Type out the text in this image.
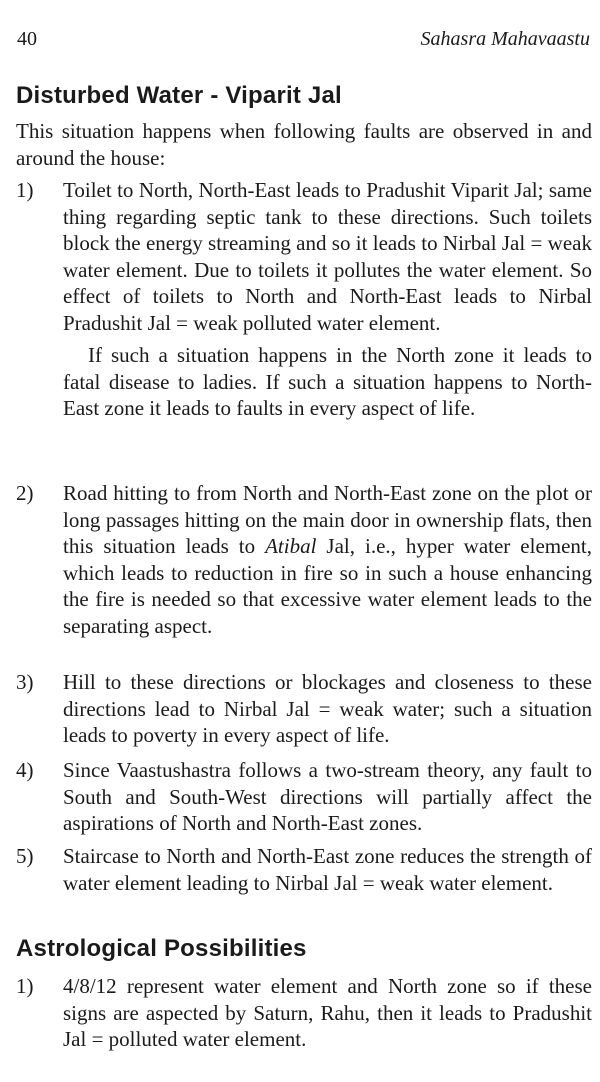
40	Sahasra Mahavaastu
Disturbed Water - Viparit Jal

This situation happens when following faults are observed in and around the house:

1) Toilet to North, North-East leads to Pradushit Viparit Jal; same thing regarding septic tank to these directions. Such toilets block the energy streaming and so it leads to Nirbal Jal = weak water element. Due to toilets it pollutes the water element. So effect of toilets to North and North-East leads to Nirbal Pradushit Jal = weak polluted water element.
If such a situation happens in the North zone it leads to fatal disease to ladies. If such a situation happens to North-East zone it leads to faults in every aspect of life.
2) Road hitting to from North and North-East zone on the plot or long passages hitting on the main door in ownership flats, then this situation leads to Atibal Jal, i.e., hyper water element, which leads to reduction in fire so in such a house enhancing the fire is needed so that excessive water element leads to the separating aspect.
3) Hill to these directions or blockages and closeness to these directions lead to Nirbal Jal = weak water; such a situation leads to poverty in every aspect of life.
4) Since Vaastushastra follows a two-stream theory, any fault to South and South-West directions will partially affect the aspirations of North and North-East zones.
5) Staircase to North and North-East zone reduces the strength of water element leading to Nirbal Jal = weak water element.
Astrological Possibilities
1) 4/8/12 represent water element and North zone so if these signs are aspected by Saturn, Rahu, then it leads to Pradushit Jal = polluted water element.
